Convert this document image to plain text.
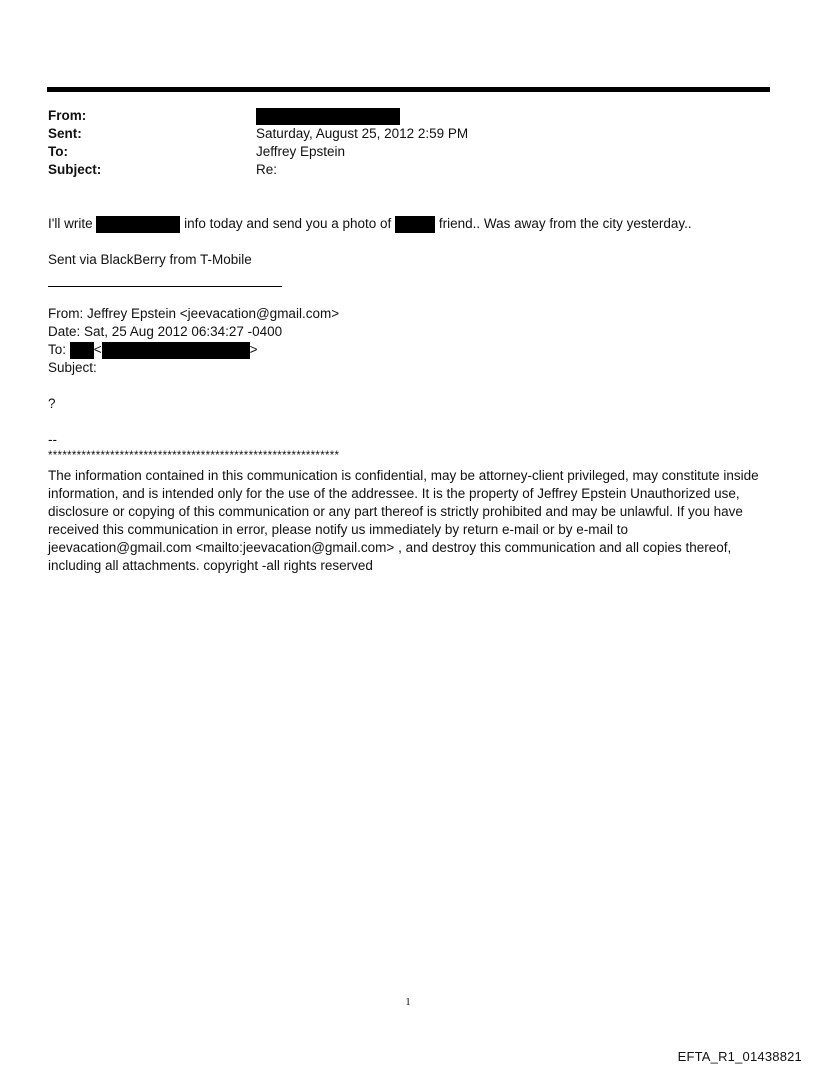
From:
Sent:	Saturday, August 25, 2012 2:59 PM
To:	Jeffrey Epstein
Subject:	Re:
I'll write	info today and send you a photo of	friend.. Was away from the city yesterday..
Sent via BlackBerry from T-Mobile
From: Jeffrey Epstein <jeevacation@gmail.com>
Date: Sat, 25 Aug 2012 06:34:27 -0400
To: <	>
Subject:
?
--
*************************************************************
The information contained in this communication is confidential, may be attorney-client privileged, may constitute inside information, and is intended only for the use of the addressee. It is the property of Jeffrey Epstein Unauthorized use, disclosure or copying of this communication or any part thereof is strictly prohibited and may be unlawful. If you have received this communication in error, please notify us immediately by return e-mail or by e-mail to jeevacation@gmail.com <mailto:jeevacation@gmail.com> , and destroy this communication and all copies thereof, including all attachments. copyright -all rights reserved
1
EFTA_R1_01438821
